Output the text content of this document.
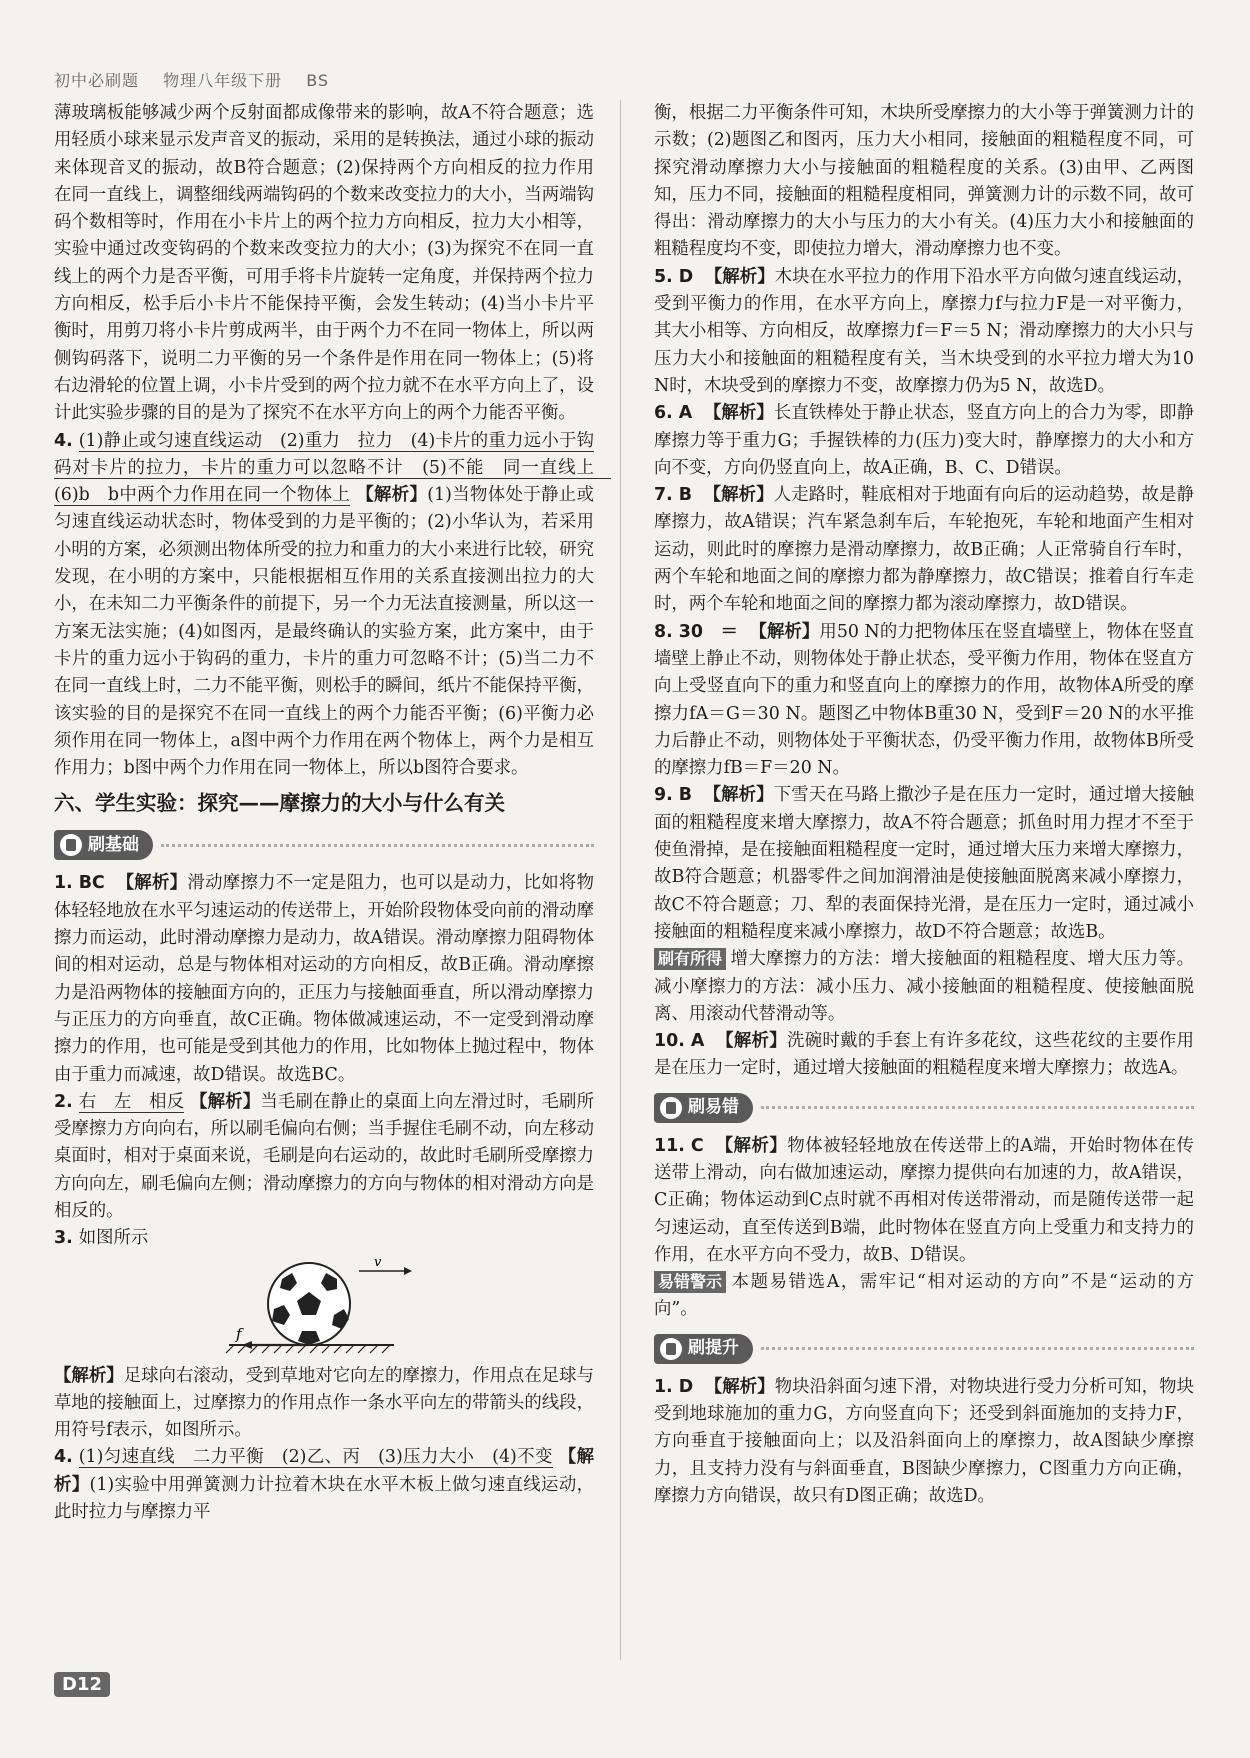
初中必刷题 物理八年级下册 BS

薄玻璃板能够减少两个反射面都成像带来的影响，故A不符合题意；选用轻质小球来显示发声音叉的振动，采用的是转换法，通过小球的振动来体现音叉的振动，故B符合题意；(2)保持两个方向相反的拉力作用在同一直线上，调整细线两端钩码的个数来改变拉力的大小，当两端钩码个数相等时，作用在小卡片上的两个拉力方向相反，拉力大小相等，实验中通过改变钩码的个数来改变拉力的大小；(3)为探究不在同一直线上的两个力是否平衡，可用手将卡片旋转一定角度，并保持两个拉力方向相反，松手后小卡片不能保持平衡，会发生转动；(4)当小卡片平衡时，用剪刀将小卡片剪成两半，由于两个力不在同一物体上，所以两侧钩码落下，说明二力平衡的另一个条件是作用在同一物体上；(5)将右边滑轮的位置上调，小卡片受到的两个拉力就不在水平方向上了，设计此实验步骤的目的是为了探究不在水平方向上的两个力能否平衡。

4. (1)静止或匀速直线运动　(2)重力　拉力　(4)卡片的重力远小于钩码对卡片的拉力，卡片的重力可以忽略不计　(5)不能　同一直线上　(6)b　b中两个力作用在同一个物体上 【解析】(1)当物体处于静止或匀速直线运动状态时，物体受到的力是平衡的；(2)小华认为，若采用小明的方案，必须测出物体所受的拉力和重力的大小来进行比较，研究发现，在小明的方案中，只能根据相互作用的关系直接测出拉力的大小，在未知二力平衡条件的前提下，另一个力无法直接测量，所以这一方案无法实施；(4)如图丙，是最终确认的实验方案，此方案中，由于卡片的重力远小于钩码的重力，卡片的重力可忽略不计；(5)当二力不在同一直线上时，二力不能平衡，则松手的瞬间，纸片不能保持平衡，该实验的目的是探究不在同一直线上的两个力能否平衡；(6)平衡力必须作用在同一物体上，a图中两个力作用在两个物体上，两个力是相互作用力；b图中两个力作用在同一物体上，所以b图符合要求。

六、学生实验：探究——摩擦力的大小与什么有关
刷基础

1. BC 【解析】滑动摩擦力不一定是阻力，也可以是动力，比如将物体轻轻地放在水平匀速运动的传送带上，开始阶段物体受向前的滑动摩擦力而运动，此时滑动摩擦力是动力，故A错误。滑动摩擦力阻碍物体间的相对运动，总是与物体相对运动的方向相反，故B正确。滑动摩擦力是沿两物体的接触面方向的，正压力与接触面垂直，所以滑动摩擦力与正压力的方向垂直，故C正确。物体做减速运动，不一定受到滑动摩擦力的作用，也可能是受到其他力的作用，比如物体上抛过程中，物体由于重力而减速，故D错误。故选BC。

2. 右　左　相反 【解析】当毛刷在静止的桌面上向左滑过时，毛刷所受摩擦力方向向右，所以刷毛偏向右侧；当手握住毛刷不动，向左移动桌面时，相对于桌面来说，毛刷是向右运动的，故此时毛刷所受摩擦力方向向左，刷毛偏向左侧；滑动摩擦力的方向与物体的相对滑动方向是相反的。

3. 如图所示

v
f

【解析】足球向右滚动，受到草地对它向左的摩擦力，作用点在足球与草地的接触面上，过摩擦力的作用点作一条水平向左的带箭头的线段，用符号f表示，如图所示。

4. (1)匀速直线　二力平衡　(2)乙、丙　(3)压力大小　(4)不变 【解析】(1)实验中用弹簧测力计拉着木块在水平木板上做匀速直线运动，此时拉力与摩擦力平

衡，根据二力平衡条件可知，木块所受摩擦力的大小等于弹簧测力计的示数；(2)题图乙和图丙，压力大小相同，接触面的粗糙程度不同，可探究滑动摩擦力大小与接触面的粗糙程度的关系。(3)由甲、乙两图知，压力不同，接触面的粗糙程度相同，弹簧测力计的示数不同，故可得出：滑动摩擦力的大小与压力的大小有关。(4)压力大小和接触面的粗糙程度均不变，即使拉力增大，滑动摩擦力也不变。

5. D 【解析】木块在水平拉力的作用下沿水平方向做匀速直线运动，受到平衡力的作用，在水平方向上，摩擦力f与拉力F是一对平衡力，其大小相等、方向相反，故摩擦力f＝F＝5 N；滑动摩擦力的大小只与压力大小和接触面的粗糙程度有关，当木块受到的水平拉力增大为10 N时，木块受到的摩擦力不变，故摩擦力仍为5 N，故选D。

6. A 【解析】长直铁棒处于静止状态，竖直方向上的合力为零，即静摩擦力等于重力G；手握铁棒的力(压力)变大时，静摩擦力的大小和方向不变，方向仍竖直向上，故A正确，B、C、D错误。

7. B 【解析】人走路时，鞋底相对于地面有向后的运动趋势，故是静摩擦力，故A错误；汽车紧急刹车后，车轮抱死，车轮和地面产生相对运动，则此时的摩擦力是滑动摩擦力，故B正确；人正常骑自行车时，两个车轮和地面之间的摩擦力都为静摩擦力，故C错误；推着自行车走时，两个车轮和地面之间的摩擦力都为滚动摩擦力，故D错误。

8. 30　＝ 【解析】用50 N的力把物体压在竖直墙壁上，物体在竖直墙壁上静止不动，则物体处于静止状态，受平衡力作用，物体在竖直方向上受竖直向下的重力和竖直向上的摩擦力的作用，故物体A所受的摩擦力fA＝G＝30 N。题图乙中物体B重30 N，受到F＝20 N的水平推力后静止不动，则物体处于平衡状态，仍受平衡力作用，故物体B所受的摩擦力fB＝F＝20 N。

9. B 【解析】下雪天在马路上撒沙子是在压力一定时，通过增大接触面的粗糙程度来增大摩擦力，故A不符合题意；抓鱼时用力捏才不至于使鱼滑掉，是在接触面粗糙程度一定时，通过增大压力来增大摩擦力，故B符合题意；机器零件之间加润滑油是使接触面脱离来减小摩擦力，故C不符合题意；刀、犁的表面保持光滑，是在压力一定时，通过减小接触面的粗糙程度来减小摩擦力，故D不符合题意；故选B。

刷有所得 增大摩擦力的方法：增大接触面的粗糙程度、增大压力等。减小摩擦力的方法：减小压力、减小接触面的粗糙程度、使接触面脱离、用滚动代替滑动等。

10. A 【解析】洗碗时戴的手套上有许多花纹，这些花纹的主要作用是在压力一定时，通过增大接触面的粗糙程度来增大摩擦力；故选A。

刷易错

11. C 【解析】物体被轻轻地放在传送带上的A端，开始时物体在传送带上滑动，向右做加速运动，摩擦力提供向右加速的力，故A错误，C正确；物体运动到C点时就不再相对传送带滑动，而是随传送带一起匀速运动，直至传送到B端，此时物体在竖直方向上受重力和支持力的作用，在水平方向不受力，故B、D错误。

易错警示 本题易错选A，需牢记“相对运动的方向”不是“运动的方向”。

刷提升

1. D 【解析】物块沿斜面匀速下滑，对物块进行受力分析可知，物块受到地球施加的重力G，方向竖直向下；还受到斜面施加的支持力F，方向垂直于接触面向上；以及沿斜面向上的摩擦力，故A图缺少摩擦力，且支持力没有与斜面垂直，B图缺少摩擦力，C图重力方向正确，摩擦力方向错误，故只有D图正确；故选D。

D12
